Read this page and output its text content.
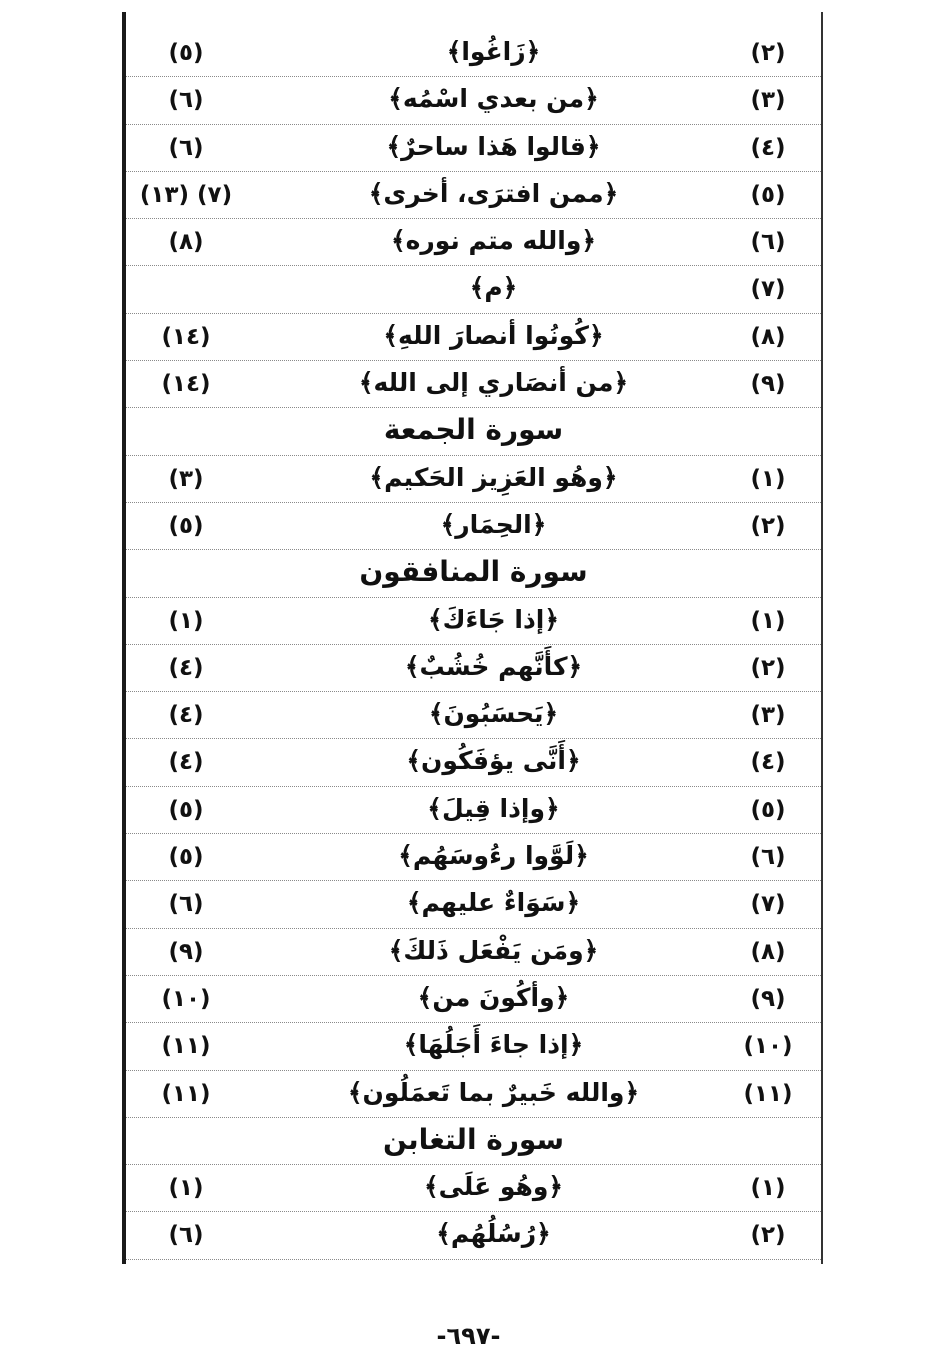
(٢)
﴿زَاغُوا﴾
(٥)
(٣)
﴿من بعدي اسْمُه﴾
(٦)
(٤)
﴿قالوا هَذا ساحرٌ﴾
(٦)
(٥)
﴿ممن افترَى، أخرى﴾
(٧) (١٣)
(٦)
﴿والله متم نوره﴾
(٨)
(٧)
﴿م﴾
(٨)
﴿كُونُوا أنصارَ اللهِ﴾
(١٤)
(٩)
﴿من أنصَاري إلى الله﴾
(١٤)
سورة الجمعة
(١)
﴿وهُو العَزِيز الحَكيم﴾
(٣)
(٢)
﴿الحِمَار﴾
(٥)
سورة المنافقون
(١)
﴿إذا جَاءَكَ﴾
(١)
(٢)
﴿كأَنَّهم خُشُبٌ﴾
(٤)
(٣)
﴿يَحسَبُونَ﴾
(٤)
(٤)
﴿أَنَّى يؤفَكُون﴾
(٤)
(٥)
﴿وإذا قِيلَ﴾
(٥)
(٦)
﴿لَوَّوا رءُوسَهُم﴾
(٥)
(٧)
﴿سَوَاءٌ عليهم﴾
(٦)
(٨)
﴿ومَن يَفْعَل ذَلكَ﴾
(٩)
(٩)
﴿وأكُونَ من﴾
(١٠)
(١٠)
﴿إذا جاءَ أَجَلُهَا﴾
(١١)
(١١)
﴿والله خَبيرٌ بما تَعمَلُون﴾
(١١)
سورة التغابن
(١)
﴿وهُو عَلَى﴾
(١)
(٢)
﴿رُسُلُهُم﴾
(٦)
-٦٩٧-
